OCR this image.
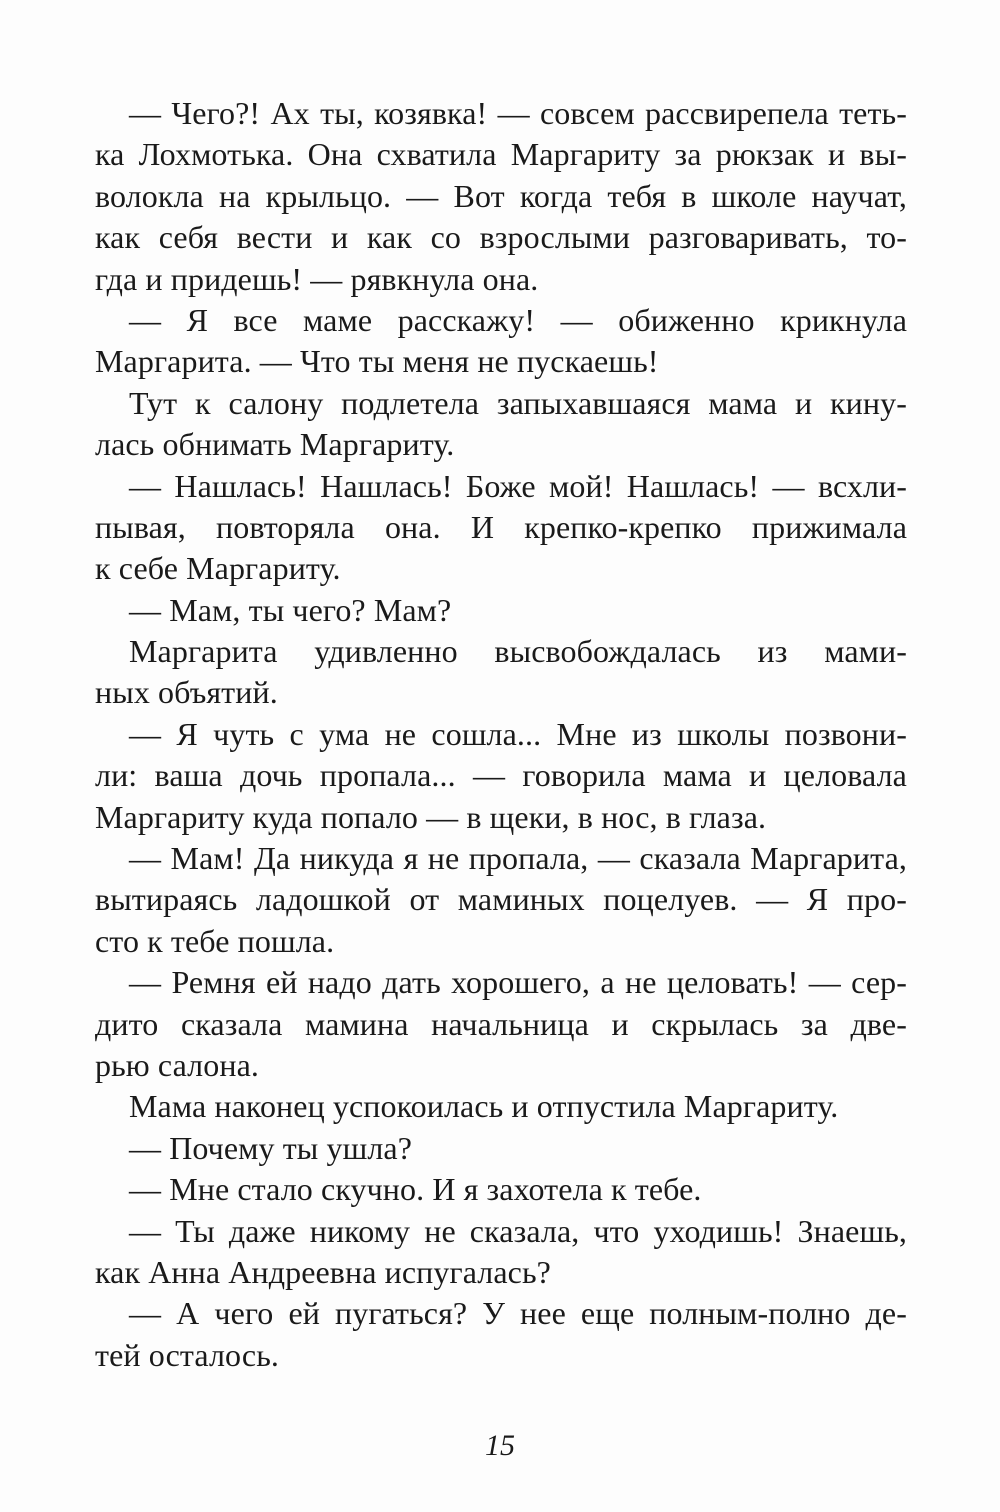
— Чего?! Ах ты, козявка! — совсем рассвирепела теть-
ка Лохмотька. Она схватила Маргариту за рюкзак и вы-
волокла на крыльцо. — Вот когда тебя в школе научат,
как себя вести и как со взрослыми разговаривать, то-
гда и придешь! — рявкнула она.
— Я все маме расскажу! — обиженно крикнула
Маргарита. — Что ты меня не пускаешь!
Тут к салону подлетела запыхавшаяся мама и кину-
лась обнимать Маргариту.
— Нашлась! Нашлась! Боже мой! Нашлась! — всхли-
пывая, повторяла она. И крепко-крепко прижимала
к себе Маргариту.
— Мам, ты чего? Мам?
Маргарита удивленно высвобождалась из мами-
ных объятий.
— Я чуть с ума не сошла... Мне из школы позвони-
ли: ваша дочь пропала... — говорила мама и целовала
Маргариту куда попало — в щеки, в нос, в глаза.
— Мам! Да никуда я не пропала, — сказала Маргарита,
вытираясь ладошкой от маминых поцелуев. — Я про-
сто к тебе пошла.
— Ремня ей надо дать хорошего, а не целовать! — сер-
дито сказала мамина начальница и скрылась за две-
рью салона.
Мама наконец успокоилась и отпустила Маргариту.
— Почему ты ушла?
— Мне стало скучно. И я захотела к тебе.
— Ты даже никому не сказала, что уходишь! Знаешь,
как Анна Андреевна испугалась?
— А чего ей пугаться? У нее еще полным-полно де-
тей осталось.
15
